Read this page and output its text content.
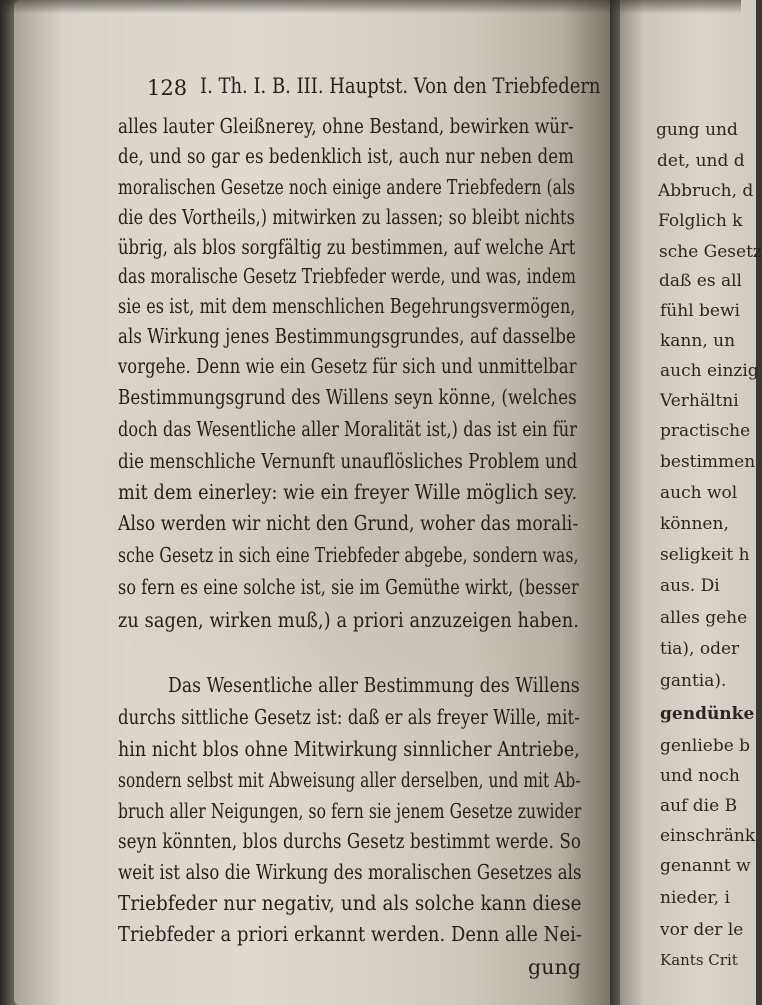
gung und
det, und d
Abbruch, d
Folglich k
sche Gesetz
daß es all
fühl bewi
kann, un
auch einzig
Verhältni
practische
bestimmen
auch wol
können,
seligkeit h
aus. Di
alles gehe
tia), oder
gantia).
gendünke
genliebe b
und noch
auf die B
einschränk
genannt w
nieder, i
vor der le
Kants Crit
128 I. Th. I. B. III. Hauptst. Von den Triebfedern
alles lauter Gleißnerey, ohne Bestand, bewirken wür-
de, und so gar es bedenklich ist, auch nur neben dem
moralischen Gesetze noch einige andere Triebfedern (als
die des Vortheils,) mitwirken zu lassen; so bleibt nichts
übrig, als blos sorgfältig zu bestimmen, auf welche Art
das moralische Gesetz Triebfeder werde, und was, indem
sie es ist, mit dem menschlichen Begehrungsvermögen,
als Wirkung jenes Bestimmungsgrundes, auf dasselbe
vorgehe. Denn wie ein Gesetz für sich und unmittelbar
Bestimmungsgrund des Willens seyn könne, (welches
doch das Wesentliche aller Moralität ist,) das ist ein für
die menschliche Vernunft unauflösliches Problem und
mit dem einerley: wie ein freyer Wille möglich sey.
Also werden wir nicht den Grund, woher das morali-
sche Gesetz in sich eine Triebfeder abgebe, sondern was,
so fern es eine solche ist, sie im Gemüthe wirkt, (besser
zu sagen, wirken muß,) a priori anzuzeigen haben.
Das Wesentliche aller Bestimmung des Willens
durchs sittliche Gesetz ist: daß er als freyer Wille, mit-
hin nicht blos ohne Mitwirkung sinnlicher Antriebe,
sondern selbst mit Abweisung aller derselben, und mit Ab-
bruch aller Neigungen, so fern sie jenem Gesetze zuwider
seyn könnten, blos durchs Gesetz bestimmt werde. So
weit ist also die Wirkung des moralischen Gesetzes als
Triebfeder nur negativ, und als solche kann diese
Triebfeder a priori erkannt werden. Denn alle Nei-
gung
